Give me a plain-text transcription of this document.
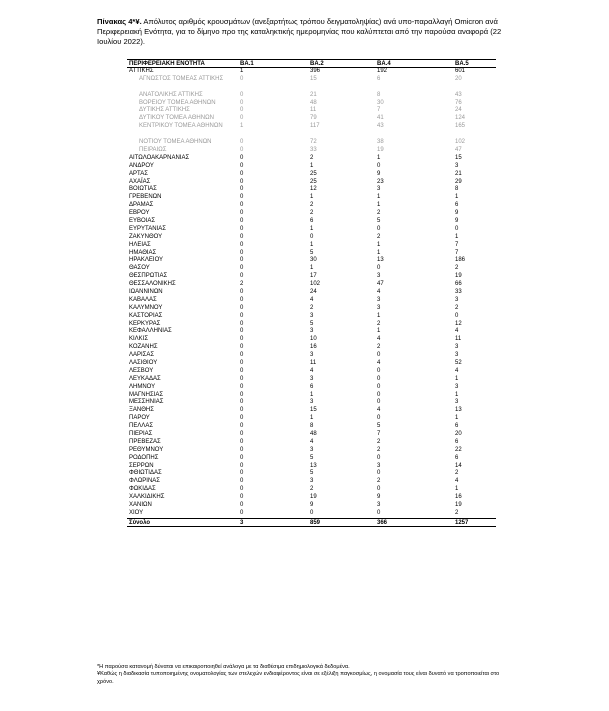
Πίνακας 4*¥. Απόλυτος αριθμός κρουσμάτων (ανεξαρτήτως τρόπου δειγματοληψίας) ανά υπο-παραλλαγή Omicron ανά Περιφερειακή Ενότητα, για το δίμηνο προ της καταληκτικής ημερομηνίας που καλύπτεται από την παρούσα αναφορά (22 Ιουλίου 2022).
ΠΕΡΙΦΕΡΕΙΑΚΗ ΕΝΟΤΗΤΑ	BA.1	BA.2	BA.4	BA.5
ΑΤΤΙΚΗΣ	1	396	192	601
ΑΓΝΩΣΤΟΣ ΤΟΜΕΑΣ ΑΤΤΙΚΗΣ	0	15	6	20
ΑΝΑΤΟΛΙΚΗΣ ΑΤΤΙΚΗΣ	0	21	8	43
ΒΟΡΕΙΟΥ ΤΟΜΕΑ ΑΘΗΝΩΝ	0	48	30	76
ΔΥΤΙΚΗΣ ΑΤΤΙΚΗΣ	0	11	7	24
ΔΥΤΙΚΟΥ ΤΟΜΕΑ ΑΘΗΝΩΝ	0	79	41	124
ΚΕΝΤΡΙΚΟΥ ΤΟΜΕΑ ΑΘΗΝΩΝ	1	117	43	165
ΝΟΤΙΟΥ ΤΟΜΕΑ ΑΘΗΝΩΝ	0	72	38	102
ΠΕΙΡΑΙΩΣ	0	33	19	47
ΑΙΤΩΛΟΑΚΑΡΝΑΝΙΑΣ	0	2	1	15
ΑΝΔΡΟΥ	0	1	0	3
ΑΡΤΑΣ	0	25	9	21
ΑΧΑΪΑΣ	0	25	23	29
ΒΟΙΩΤΙΑΣ	0	12	3	8
ΓΡΕΒΕΝΩΝ	0	1	1	1
ΔΡΑΜΑΣ	0	2	1	6
ΕΒΡΟΥ	0	2	2	9
ΕΥΒΟΙΑΣ	0	6	5	9
ΕΥΡΥΤΑΝΙΑΣ	0	1	0	0
ΖΑΚΥΝΘΟΥ	0	0	2	1
ΗΛΕΙΑΣ	0	1	1	7
ΗΜΑΘΙΑΣ	0	5	1	7
ΗΡΑΚΛΕΙΟΥ	0	30	13	186
ΘΑΣΟΥ	0	1	0	2
ΘΕΣΠΡΩΤΙΑΣ	0	17	3	19
ΘΕΣΣΑΛΟΝΙΚΗΣ	2	102	47	66
ΙΩΑΝΝΙΝΩΝ	0	24	4	33
ΚΑΒΑΛΑΣ	0	4	3	3
ΚΑΛΥΜΝΟΥ	0	2	3	2
ΚΑΣΤΟΡΙΑΣ	0	3	1	0
ΚΕΡΚΥΡΑΣ	0	5	2	12
ΚΕΦΑΛΛΗΝΙΑΣ	0	3	1	4
ΚΙΛΚΙΣ	0	10	4	11
ΚΟΖΑΝΗΣ	0	16	2	3
ΛΑΡΙΣΑΣ	0	3	0	3
ΛΑΣΙΘΙΟΥ	0	11	4	52
ΛΕΣΒΟΥ	0	4	0	4
ΛΕΥΚΑΔΑΣ	0	3	0	1
ΛΗΜΝΟΥ	0	6	0	3
ΜΑΓΝΗΣΙΑΣ	0	1	0	1
ΜΕΣΣΗΝΙΑΣ	0	3	0	3
ΞΑΝΘΗΣ	0	15	4	13
ΠΑΡΟΥ	0	1	0	1
ΠΕΛΛΑΣ	0	8	5	6
ΠΙΕΡΙΑΣ	0	48	7	20
ΠΡΕΒΕΖΑΣ	0	4	2	6
ΡΕΘΥΜΝΟΥ	0	3	2	22
ΡΟΔΟΠΗΣ	0	5	0	6
ΣΕΡΡΩΝ	0	13	3	14
ΦΘΙΩΤΙΔΑΣ	0	5	0	2
ΦΛΩΡΙΝΑΣ	0	3	2	4
ΦΩΚΙΔΑΣ	0	2	0	1
ΧΑΛΚΙΔΙΚΗΣ	0	19	9	16
ΧΑΝΙΩΝ	0	9	3	19
ΧΙΟΥ	0	0	0	2
Σύνολο	3	859	366	1257
*Η παρούσα κατανομή δύναται να επικαιροποιηθεί ανάλογα με τα διαθέσιμα επιδημιολογικά δεδομένα.
¥Καθώς η διαδικασία τυποποιημένης ονοματολογίας των στελεχών ενδιαφέροντος είναι σε εξέλιξη παγκοσμίως, η ονομασία τους είναι δυνατό να τροποποιείται στο χρόνο.
